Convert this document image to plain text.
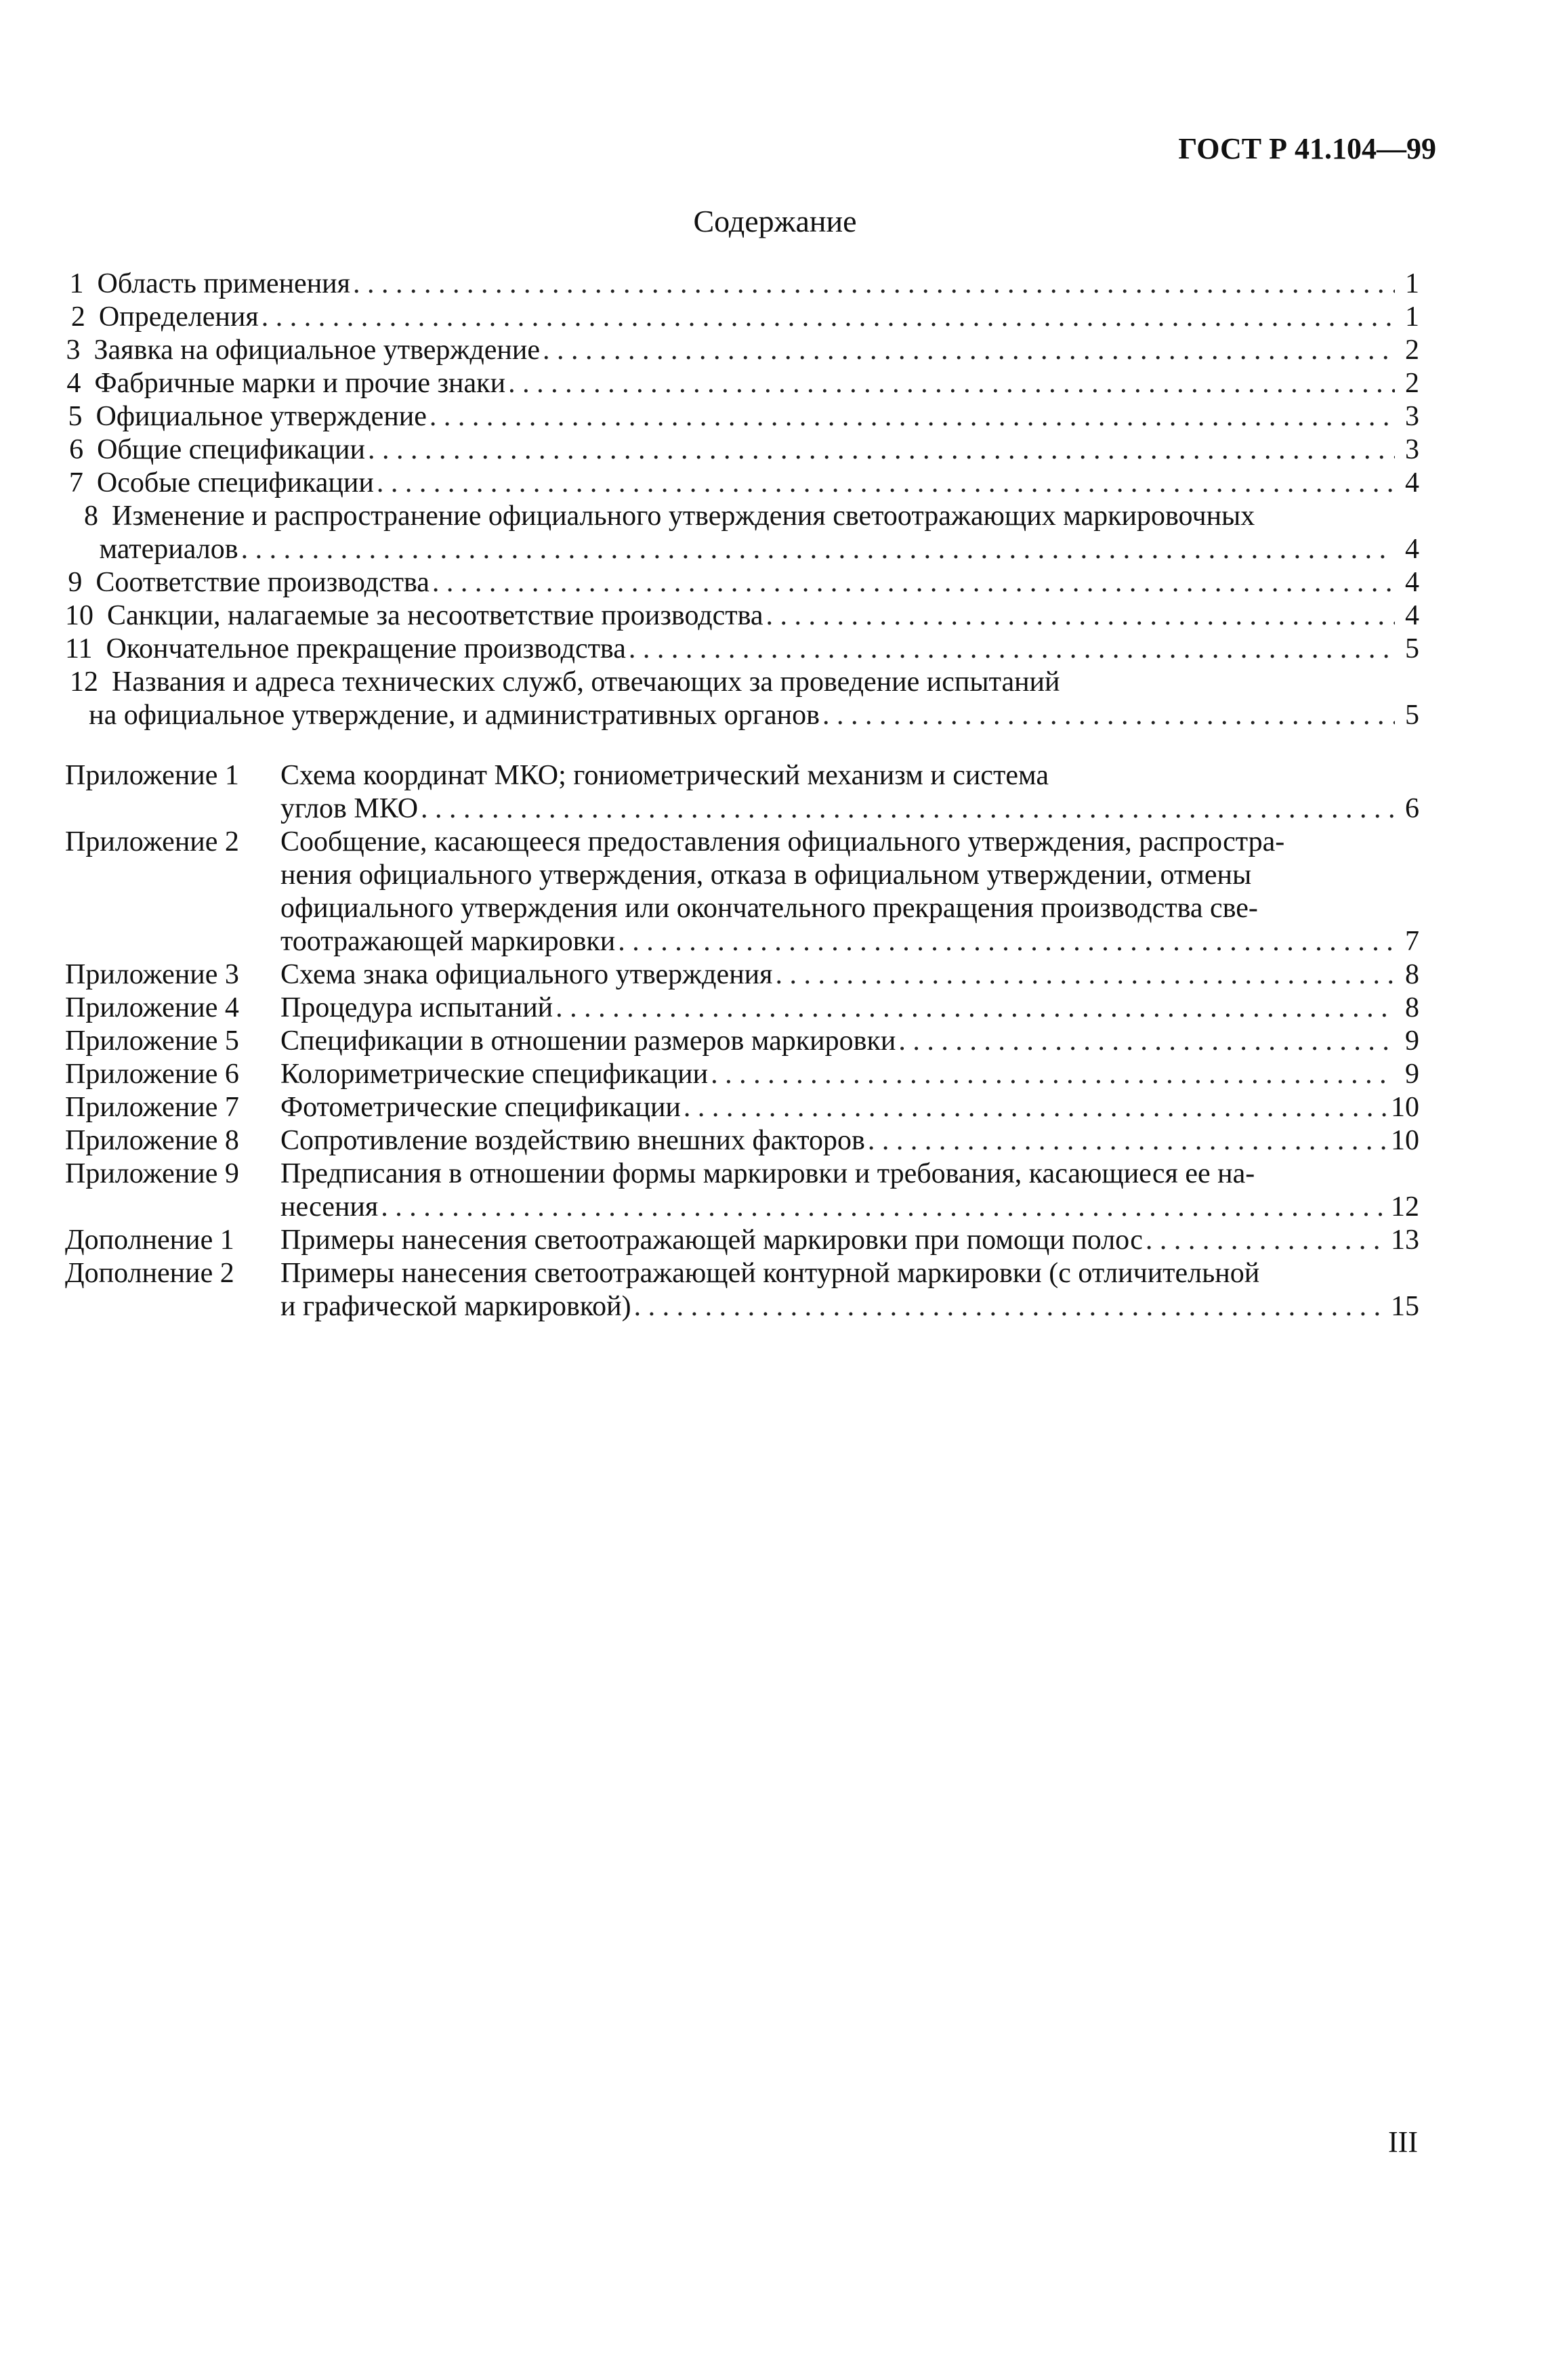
ГОСТ Р 41.104—99
Содержание
1 Область применения . . .	1
2 Определения . . .	1
3 Заявка на официальное утверждение . . .	2
4 Фабричные марки и прочие знаки . . .	2
5 Официальное утверждение . . .	3
6 Общие спецификации . . .	3
7 Особые спецификации . . .	4
8 Изменение и распространение официального утверждения светоотражающих маркировочных
материалов . . .	4
9 Соответствие производства . . .	4
10 Санкции, налагаемые за несоответствие производства . . .	4
11 Окончательное прекращение производства . . .	5
12 Названия и адреса технических служб, отвечающих за проведение испытаний
на официальное утверждение, и административных органов . . .	5
Приложение 1	Схема координат МКО; гониометрический механизм и система
углов МКО . . .	6
Приложение 2	Сообщение, касающееся предоставления официального утверждения, распростра-
нения официального утверждения, отказа в официальном утверждении, отмены
официального утверждения или окончательного прекращения производства све-
тоотражающей маркировки . . .	7
Приложение 3	Схема знака официального утверждения . . .	8
Приложение 4	Процедура испытаний . . .	8
Приложение 5	Спецификации в отношении размеров маркировки . . .	9
Приложение 6	Колориметрические спецификации . . .	9
Приложение 7	Фотометрические спецификации . . .	10
Приложение 8	Сопротивление воздействию внешних факторов . . .	10
Приложение 9	Предписания в отношении формы маркировки и требования, касающиеся ее на-
несения . . .	12
Дополнение 1	Примеры нанесения светоотражающей маркировки при помощи полос . . .	13
Дополнение 2	Примеры нанесения светоотражающей контурной маркировки (с отличительной
и графической маркировкой) . . .	15
III
